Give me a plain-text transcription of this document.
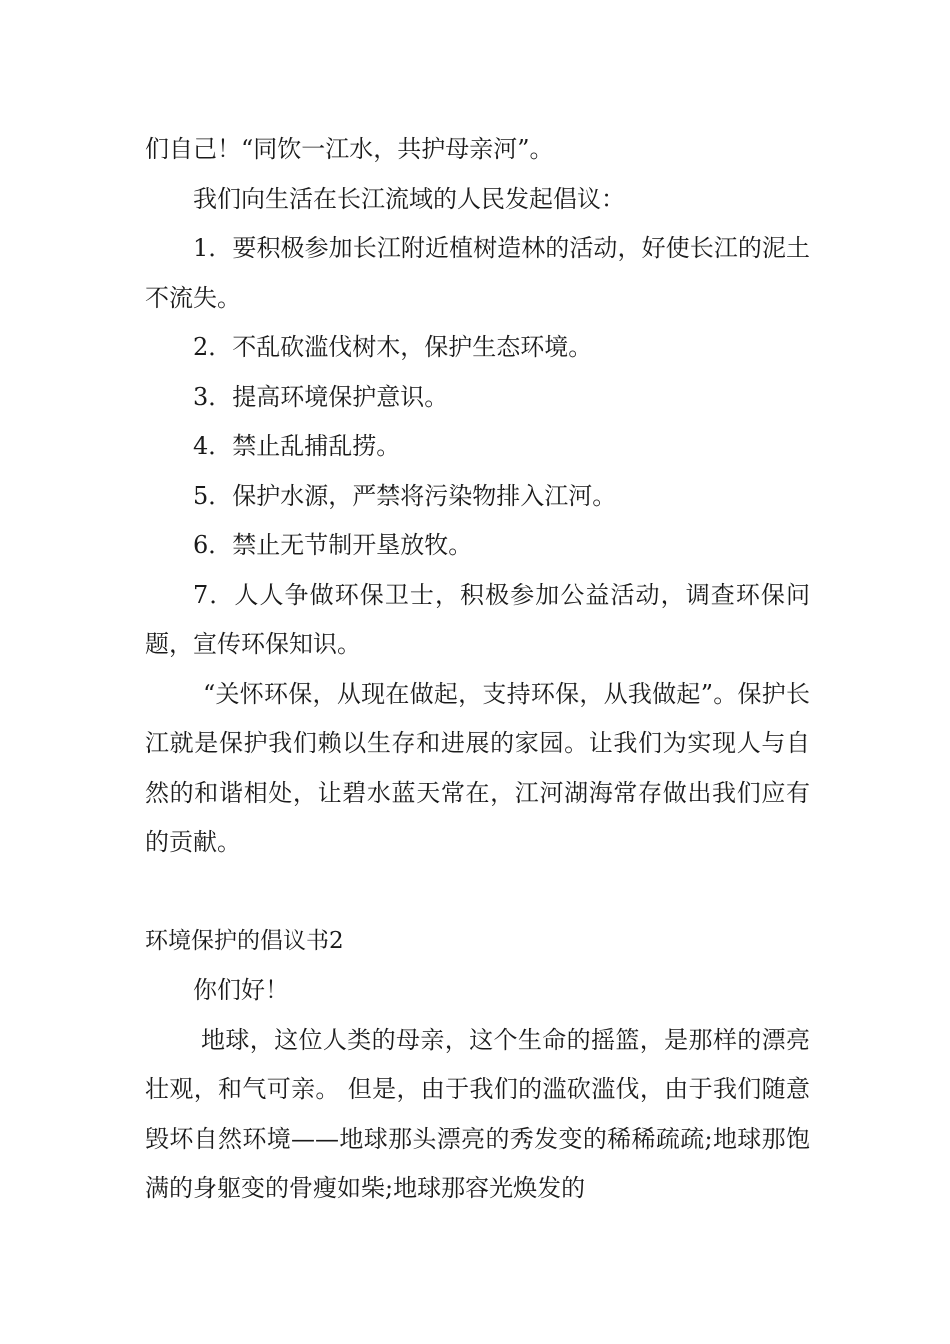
们自己！“同饮一江水，共护母亲河”。

我们向生活在长江流域的人民发起倡议：

1．要积极参加长江附近植树造林的活动，好使长江的泥土不流失。

2．不乱砍滥伐树木，保护生态环境。

3．提高环境保护意识。

4．禁止乱捕乱捞。

5．保护水源，严禁将污染物排入江河。

6．禁止无节制开垦放牧。

7．人人争做环保卫士，积极参加公益活动，调查环保问题，宣传环保知识。

“关怀环保，从现在做起，支持环保，从我做起”。保护长江就是保护我们赖以生存和进展的家园。让我们为实现人与自然的和谐相处，让碧水蓝天常在，江河湖海常存做出我们应有的贡献。

环境保护的倡议书2

你们好！

地球，这位人类的母亲，这个生命的摇篮，是那样的漂亮壮观，和气可亲。 但是，由于我们的滥砍滥伐，由于我们随意毁坏自然环境——地球那头漂亮的秀发变的稀稀疏疏;地球那饱满的身躯变的骨瘦如柴;地球那容光焕发的
